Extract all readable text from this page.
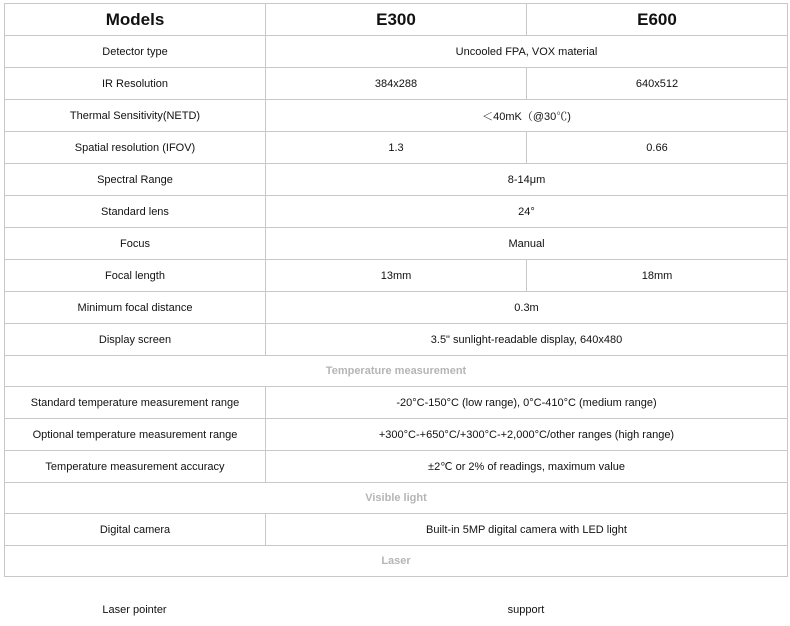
Models	E300	E600
Detector type	Uncooled FPA, VOX material	
IR Resolution	384x288	640x512
Thermal Sensitivity(NETD)	＜40mK（@30℃)	
Spatial resolution (IFOV)	1.3	0.66
Spectral Range	8-14μm	
Standard lens	24°	
Focus	Manual	
Focal length	13mm	18mm
Minimum focal distance	0.3m	
Display screen	3.5" sunlight-readable display, 640x480	
Temperature measurement		
Standard temperature measurement range	-20°C-150°C (low range), 0°C-410°C (medium range)	
Optional temperature measurement range	+300°C-+650°C/+300°C-+2,000°C/other ranges (high range)	
Temperature measurement accuracy	±2℃ or 2% of readings, maximum value	
Visible light		
Digital camera	Built-in 5MP digital camera with LED light	
Laser		
Laser pointer	support
